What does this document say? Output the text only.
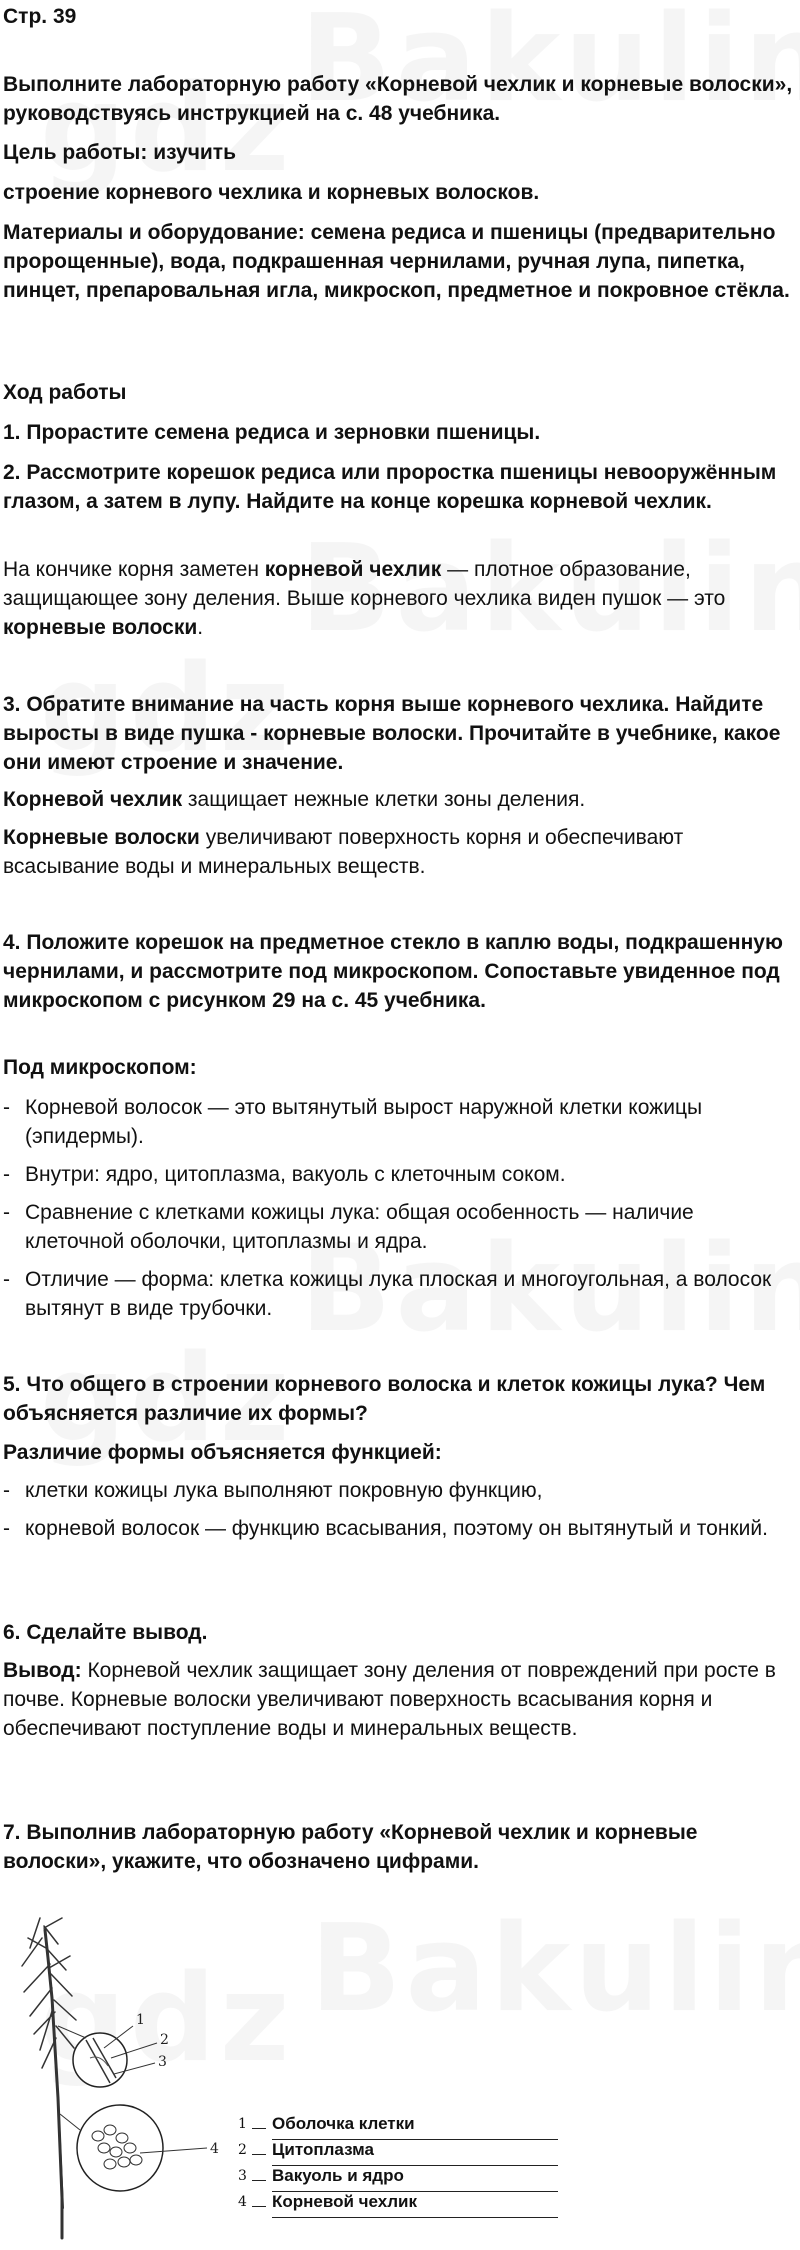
Стр. 39

Выполните лабораторную работу «Корневой чехлик и корневые волоски», руководствуясь инструкцией на с. 48 учебника.

Цель работы: изучить

строение корневого чехлика и корневых волосков.

Материалы и оборудование: семена редиса и пшеницы (предварительно пророщенные), вода, подкрашенная чернилами, ручная лупа, пипетка, пинцет, препаровальная игла, микроскоп, предметное и покровное стёкла.

Ход работы

1. Прорастите семена редиса и зерновки пшеницы.

2. Рассмотрите корешок редиса или проростка пшеницы невооружённым глазом, а затем в лупу. Найдите на конце корешка корневой чехлик.

На кончике корня заметен корневой чехлик — плотное образование, защищающее зону деления. Выше корневого чехлика виден пушок — это корневые волоски.

3. Обратите внимание на часть корня выше корневого чехлика. Найдите выросты в виде пушка - корневые волоски. Прочитайте в учебнике, какое они имеют строение и значение.

Корневой чехлик защищает нежные клетки зоны деления.

Корневые волоски увеличивают поверхность корня и обеспечивают всасывание воды и минеральных веществ.

4. Положите корешок на предметное стекло в каплю воды, подкрашенную чернилами, и рассмотрите под микроскопом. Сопоставьте увиденное под микроскопом с рисунком 29 на с. 45 учебника.

Под микроскопом:

- Корневой волосок — это вытянутый вырост наружной клетки кожицы (эпидермы).
- Внутри: ядро, цитоплазма, вакуоль с клеточным соком.
- Сравнение с клетками кожицы лука: общая особенность — наличие клеточной оболочки, цитоплазмы и ядра.
- Отличие — форма: клетка кожицы лука плоская и многоугольная, а волосок вытянут в виде трубочки.

5. Что общего в строении корневого волоска и клеток кожицы лука? Чем объясняется различие их формы?

Различие формы объясняется функцией:

- клетки кожицы лука выполняют покровную функцию,
- корневой волосок — функцию всасывания, поэтому он вытянутый и тонкий.

6. Сделайте вывод.

Вывод: Корневой чехлик защищает зону деления от повреждений при росте в почве. Корневые волоски увеличивают поверхность всасывания корня и обеспечивают поступление воды и минеральных веществ.

7. Выполнив лабораторную работу «Корневой чехлик и корневые волоски», укажите, что обозначено цифрами.

1
2
3
4
1 Оболочка клетки
2 Цитоплазма
3 Вакуоль и ядро
4 Корневой чехлик
